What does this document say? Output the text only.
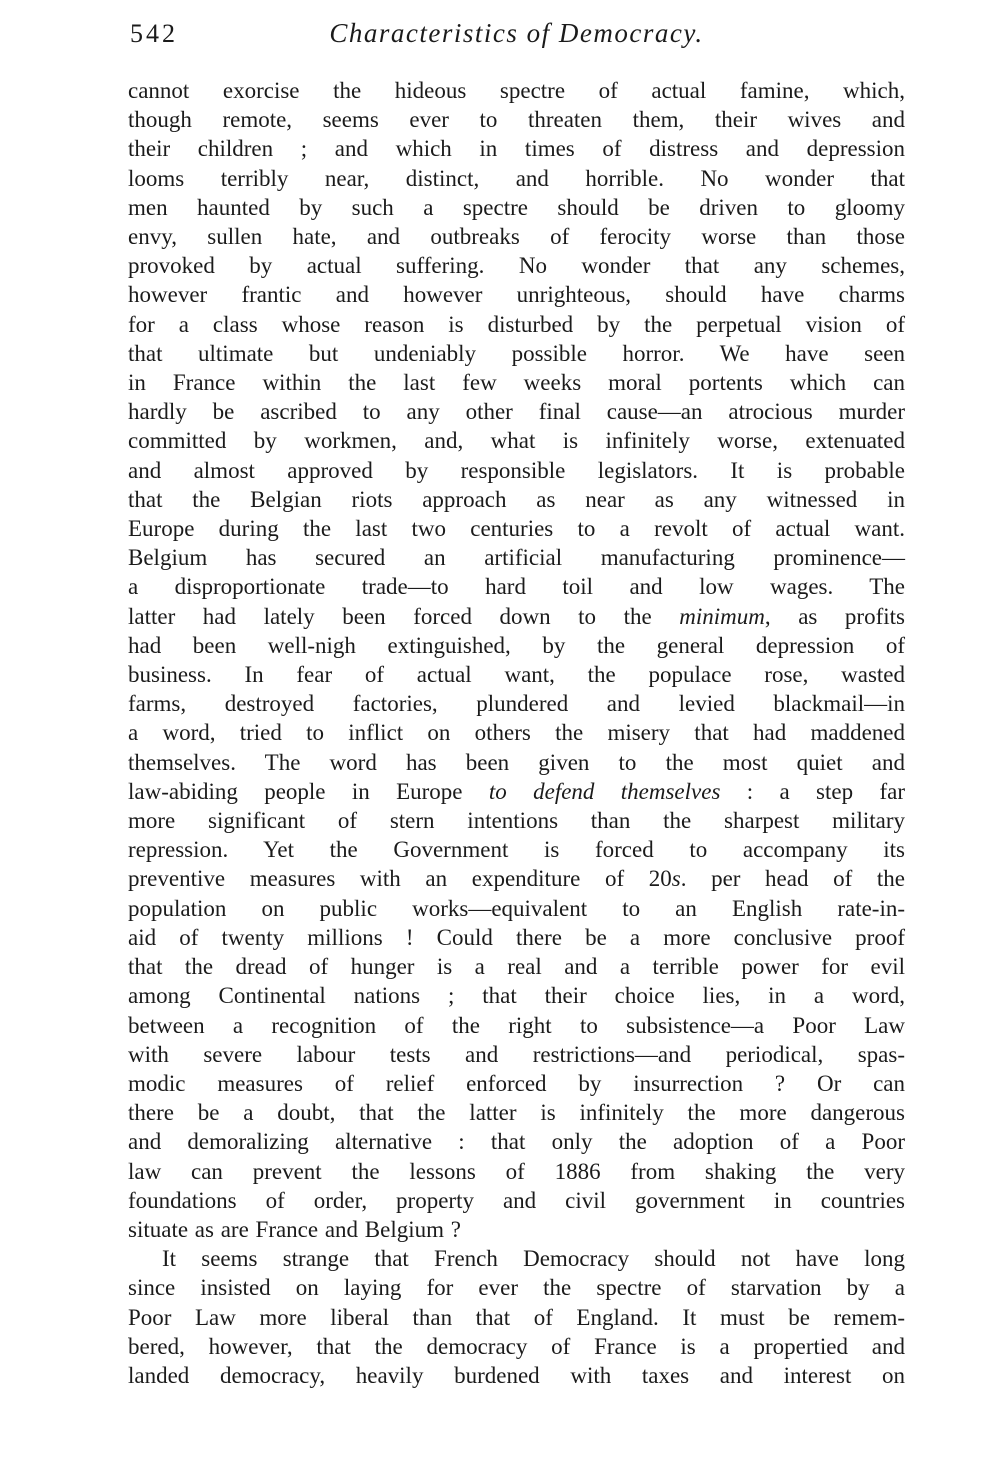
542	Characteristics of Democracy.
cannot exorcise the hideous spectre of actual famine, which,
though remote, seems ever to threaten them, their wives and
their children ; and which in times of distress and depression
looms terribly near, distinct, and horrible. No wonder that
men haunted by such a spectre should be driven to gloomy
envy, sullen hate, and outbreaks of ferocity worse than those
provoked by actual suffering. No wonder that any schemes,
however frantic and however unrighteous, should have charms
for a class whose reason is disturbed by the perpetual vision of
that ultimate but undeniably possible horror. We have seen
in France within the last few weeks moral portents which can
hardly be ascribed to any other final cause—an atrocious murder
committed by workmen, and, what is infinitely worse, extenuated
and almost approved by responsible legislators. It is probable
that the Belgian riots approach as near as any witnessed in
Europe during the last two centuries to a revolt of actual want.
Belgium has secured an artificial manufacturing prominence—
a disproportionate trade—to hard toil and low wages. The
latter had lately been forced down to the minimum, as profits
had been well-nigh extinguished, by the general depression of
business. In fear of actual want, the populace rose, wasted
farms, destroyed factories, plundered and levied blackmail—in
a word, tried to inflict on others the misery that had maddened
themselves. The word has been given to the most quiet and
law-abiding people in Europe to defend themselves : a step far
more significant of stern intentions than the sharpest military
repression. Yet the Government is forced to accompany its
preventive measures with an expenditure of 20s. per head of the
population on public works—equivalent to an English rate-in-
aid of twenty millions ! Could there be a more conclusive proof
that the dread of hunger is a real and a terrible power for evil
among Continental nations ; that their choice lies, in a word,
between a recognition of the right to subsistence—a Poor Law
with severe labour tests and restrictions—and periodical, spas-
modic measures of relief enforced by insurrection ? Or can
there be a doubt, that the latter is infinitely the more dangerous
and demoralizing alternative : that only the adoption of a Poor
law can prevent the lessons of 1886 from shaking the very
foundations of order, property and civil government in countries
situate as are France and Belgium ?
It seems strange that French Democracy should not have long
since insisted on laying for ever the spectre of starvation by a
Poor Law more liberal than that of England. It must be remem-
bered, however, that the democracy of France is a propertied and
landed democracy, heavily burdened with taxes and interest on
